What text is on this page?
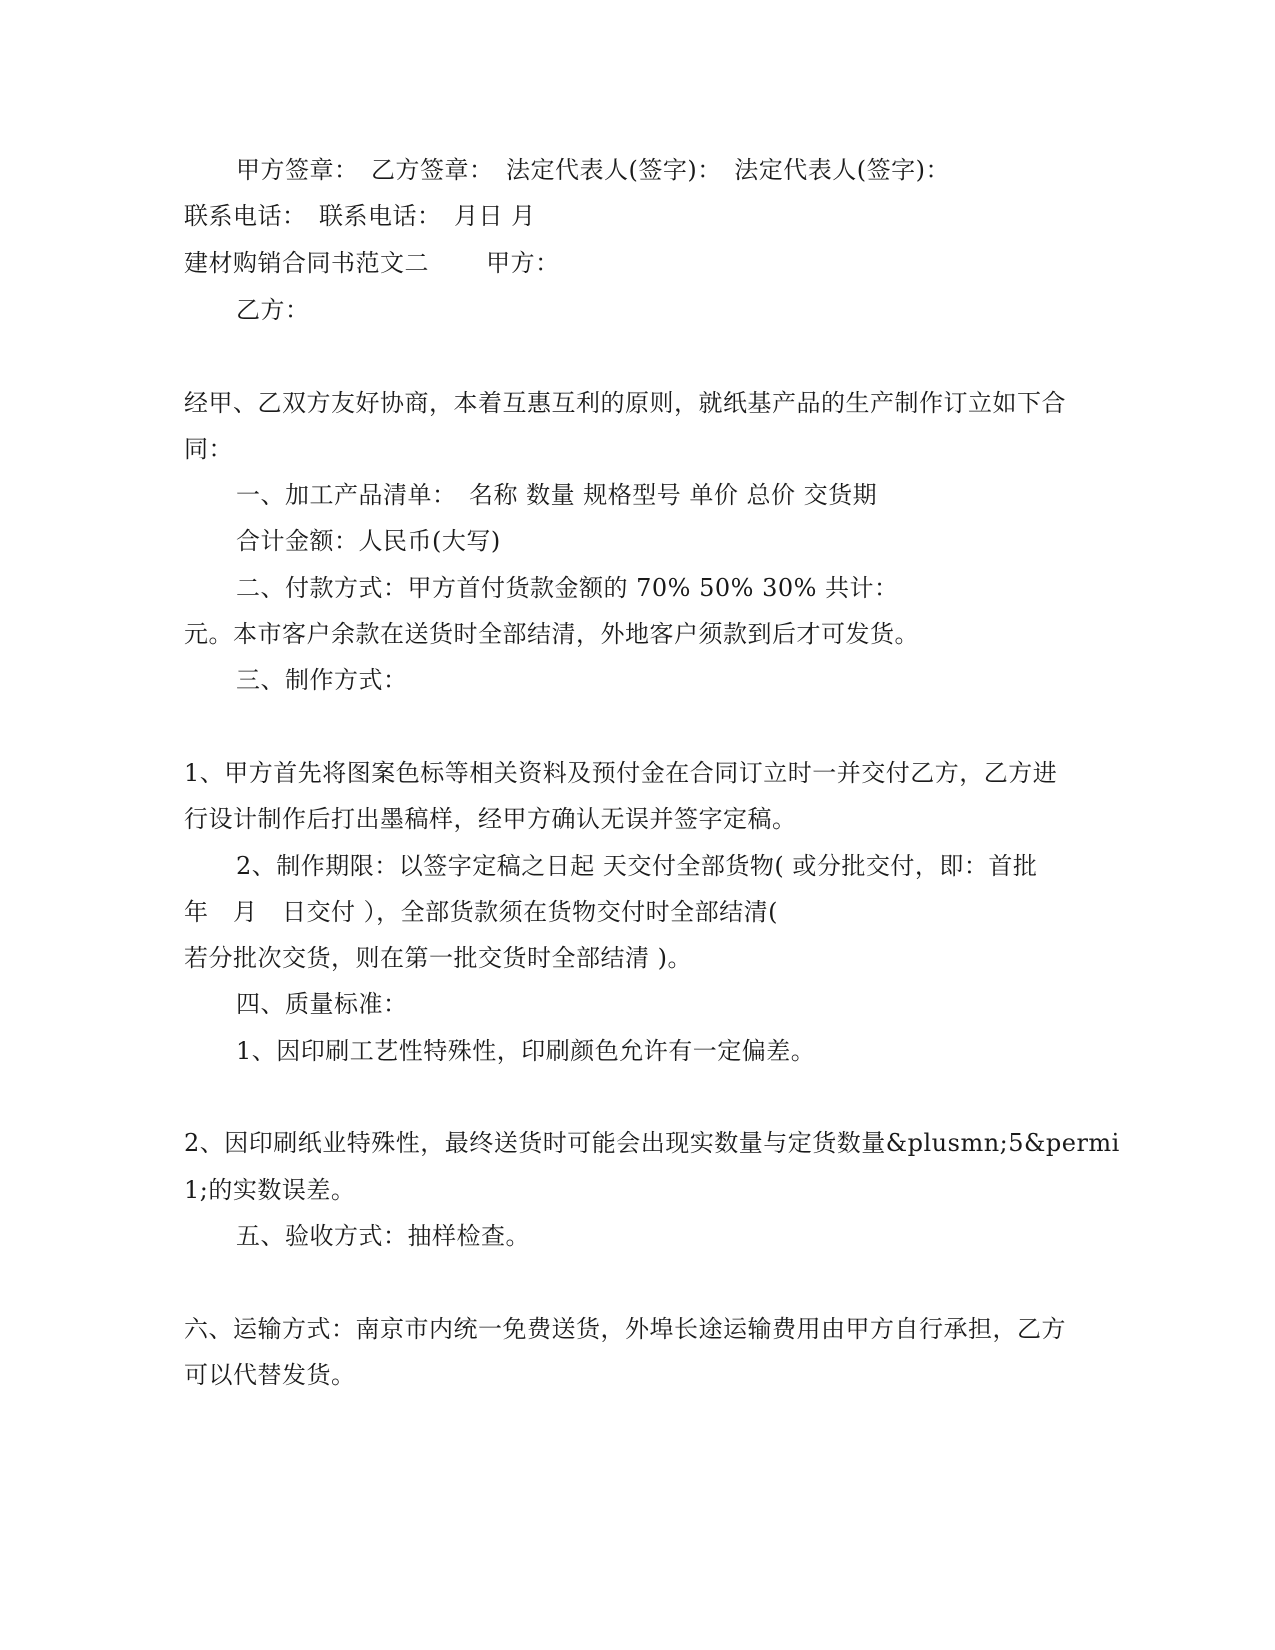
甲方签章：　乙方签章：　法定代表人(签字)：　法定代表人(签字)：
联系电话：　联系电话：　月日 月
建材购销合同书范文二　　 甲方：
乙方：
经甲、乙双方友好协商，本着互惠互利的原则，就纸基产品的生产制作订立如下合
同：
一、加工产品清单：　名称 数量 规格型号 单价 总价 交货期
合计金额：人民币(大写)
二、付款方式：甲方首付货款金额的 70% 50% 30% 共计：
元。本市客户余款在送货时全部结清，外地客户须款到后才可发货。
三、制作方式：
1、甲方首先将图案色标等相关资料及预付金在合同订立时一并交付乙方，乙方进
行设计制作后打出墨稿样，经甲方确认无误并签字定稿。
2、制作期限：以签字定稿之日起 天交付全部货物( 或分批交付，即：首批
年　月　日交付 ），全部货款须在货物交付时全部结清(
若分批次交货，则在第一批交货时全部结清 )。
四、质量标准：
1、因印刷工艺性特殊性，印刷颜色允许有一定偏差。
2、因印刷纸业特殊性，最终送货时可能会出现实数量与定货数量&plusmn;5&permi
1;的实数误差。
五、验收方式：抽样检查。
六、运输方式：南京市内统一免费送货，外埠长途运输费用由甲方自行承担，乙方
可以代替发货。
